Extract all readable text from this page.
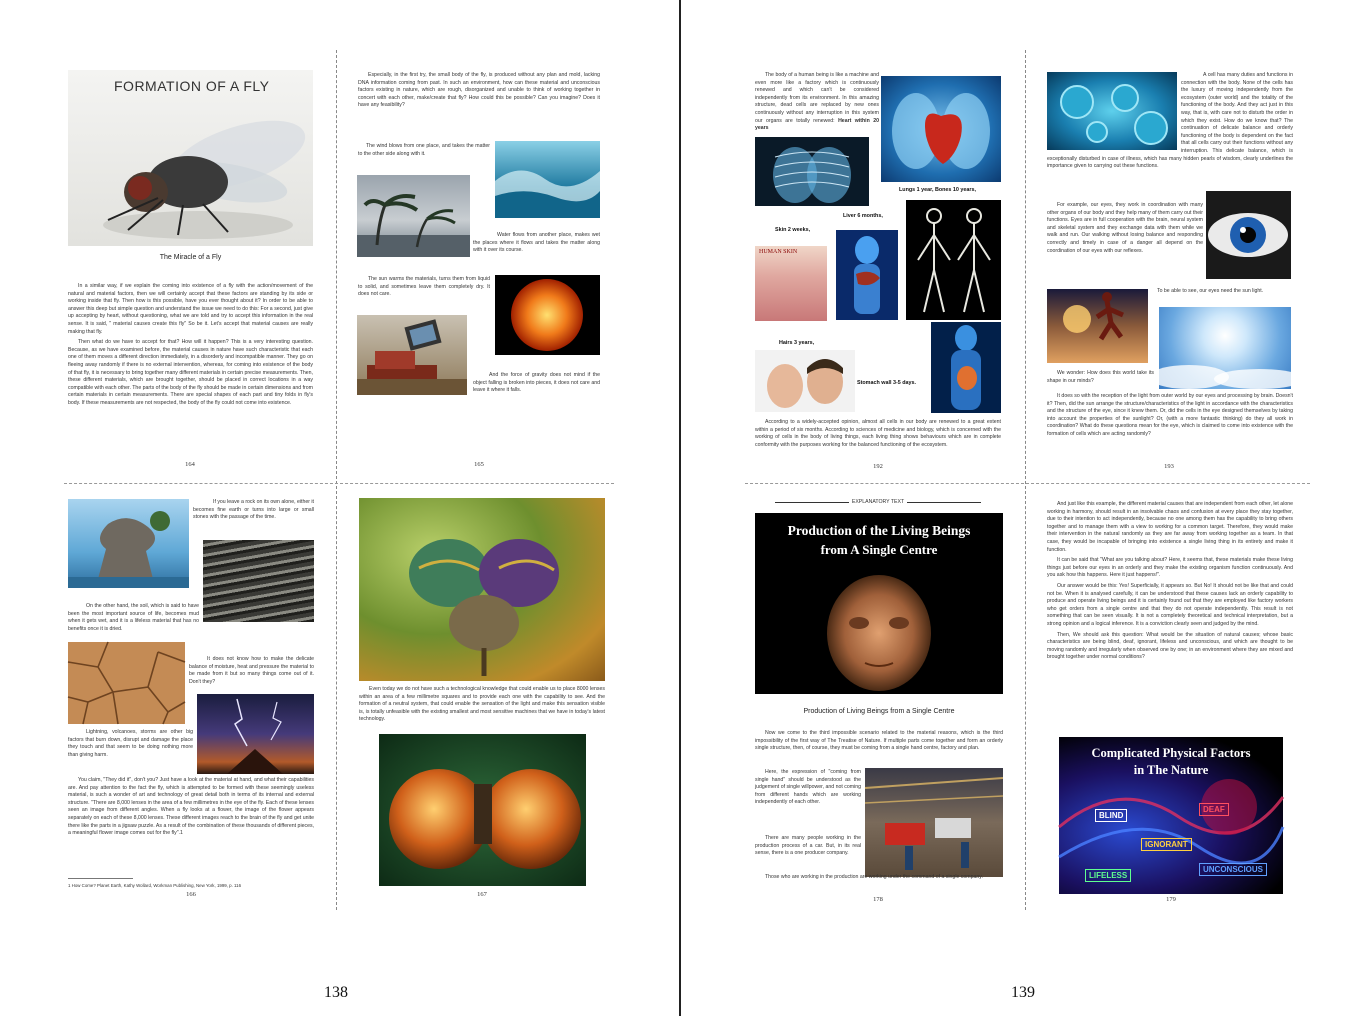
FORMATION OF A FLY
The Miracle of a Fly

In a similar way, if we explain the coming into existence of a fly with the action/movement of the natural and material factors, then we will certainly accept that these factors are standing by its side or working inside that fly. Then how is this possible, have you ever thought about it? In order to be able to answer this deep but simple question and understand the issue we need to do this: For a second, just give up accepting by heart, without questioning, what we are told and try to accept this information in the real sense. It is said, " material causes create this fly" So be it. Let's accept that material causes are really making that fly.

Then what do we have to accept for that? How will it happen? This is a very interesting question. Because, as we have examined before, the material causes in nature have such characteristic that each one of them moves a different direction immediately, in a disorderly and incompatible manner. They go on fleeing away randomly if there is no external intervention, whereas, for coming into existence of the body of that fly, it is necessary to bring together many different materials in certain precise measurements. Then, these different materials, which are brought together, should be placed in correct locations in a way compatible with each other. The parts of the body of the fly should be made in certain dimensions and from certain materials in certain measurements. There are special shapes of each part and tiny folds in fly's body. If these measurements are not respected, the body of the fly could not come into existence.

164

Especially, in the first try, the small body of the fly, is produced without any plan and mold, lacking DNA information coming from past. In such an environment, how can these material and unconscious factors existing in nature, which are rough, disorganized and unable to think of working together in concert with each other, make/create that fly? How could this be possible? Can you imagine? Does it have any feasibility?

The wind blows from one place, and takes the matter to the other side along with it.

Water flows from another place, makes wet the places where it flows and takes the matter along with it over its course.

The sun warms the materials, turns them from liquid to solid, and sometimes leave them completely dry. It does not care.

And the force of gravity does not mind if the object falling is broken into pieces, it does not care and leave it where it falls.

165

If you leave a rock on its own alone, either it becomes fine earth or turns into large or small stones with the passage of the time.

On the other hand, the soil, which is said to have been the most important source of life, becomes mud when it gets wet, and it is a lifeless material that has no benefits once it is dried.

It does not know how to make the delicate balance of moisture, heat and pressure the material to be made from it but so many things come out of it. Don't they?

Lightning, volcanoes, storms are other big factors that burn down, disrupt and damage the place they touch and that seem to be doing nothing more than giving harm.

You claim, "They did it", don't you? Just have a look at the material at hand, and what their capabilities are. And pay attention to the fact the fly, which is attempted to be formed with these seemingly useless material, is such a wonder of art and technology of great detail both in terms of its internal and external structure. "There are 8,000 lenses in the area of a few millimetres in the eye of the fly. Each of these lenses seen an image from different angles. When a fly looks at a flower, the image of the flower appears separately on each of these 8,000 lenses. These different images reach to the brain of the fly and get unite there like the parts in a jigsaw puzzle. As a result of the combination of these thousands of different pieces, a meaningful flower image comes out for the fly".1

1 How Come? Planet Earth, Kathy Wollard, Workman Publishing, New York, 1999, p. 116
166

Even today we do not have such a technological knowledge that could enable us to place 8000 lenses within an area of a few millimetre squares and to provide each one with the capability to see. And the formation of a neutral system, that could enable the sensation of the light and make this sensation visible is, is totally unfeasible with the existing smallest and most sensitive machines that we have in today's latest technology.

167
138

The body of a human being is like a machine and even more like a factory which is continuously renewed and which can't be considered independently from its environment. In this amazing structure, dead cells are replaced by new ones continuously without any interruption in this system our organs are totally renewed: Heart within 20 years

Lungs 1 year, Bones 10 years,
Liver 6 months,
Skin 2 weeks,
HUMAN SKIN
Hairs 3 years,
Stomach wall 3-5 days.

According to a widely-accepted opinion, almost all cells in our body are renewed to a great extent within a period of six months. According to sciences of medicine and biology, which is concerned with the working of cells in the body of living things, each living thing shows behaviours which are in complete conformity with the purposes working for the balanced functioning of the ecosystem.

192

A cell has many duties and functions in connection with the body. None of the cells has the luxury of moving independently from the ecosystem (outer world) and the totality of the functioning of the body. And they act just in this way, that is, with care not to disturb the order in which they exist. How do we know that? The continuation of delicate balance and orderly functioning of the body is dependent on the fact that all cells carry out their functions without any interruption. This delicate balance, which is exceptionally disturbed in case of illness, which has many hidden pearls of wisdom, clearly underlines the importance given to carrying out these functions.

For example, our eyes, they work in coordination with many other organs of our body and they help many of them carry out their functions. Eyes are in full cooperation with the brain, neural system and skeletal system and they exchange data with them while we walk and run. Our walking without losing balance and responding correctly and timely in case of a danger all depend on the coordination of our eyes with our reflexes.

To be able to see, our eyes need the sun light.

We wonder: How does this world take its shape in our minds?

It does so with the reception of the light from outer world by our eyes and processing by brain. Doesn't it? Then, did the sun arrange the structure/characteristics of the light in accordance with the characteristics and the structure of the eye, since it knew them. Or, did the cells in the eye designed themselves by taking into account the properties of the sunlight? Or, (with a more fantastic thinking) do they all work in coordination? What do these questions mean for the eye, which is claimed to come into existence with the formation of cells which are acting randomly?

193
EXPLANATORY TEXT
Production of the Living Beings
from A Single Centre
Production of Living Beings from a Single Centre

Now we come to the third impossible scenario related to the material reasons, which is the third impossibility of the first way of The Treatise of Nature. If multiple parts come together and form an orderly single structure, then, of course, they must be coming from a single hand centre, factory and plan.

Here, the expression of "coming from single hand" should be understood as the judgement of single willpower, and not coming from different hands which are working independently of each other.

There are many people working in the production process of a car. But, in its real sense, there is a one producer company.

Those who are working in the production are working under the command of a single company.

178

And just like this example, the different material causes that are independent from each other, let alone working in harmony, should result in an insolvable chaos and confusion at every place they stay together, due to their intention to act independently, because no one among them has the capability to bring others together and to manage them with a view to working for a common target. Therefore, they would make their intervention in the natural randomly as they are far away from working together as a team. In that case, they would be incapable of bringing into existence a single living thing in its entirety and make it function.

It can be said that "What are you talking about? Here, it seems that, these materials make these living things just before our eyes in an orderly and they make the existing organism function continuously. And you ask how this happens. Here it just happens!".

Our answer would be this: Yes! Superficially, it appears so. But No! It should not be like that and could not be. When it is analysed carefully, it can be understood that these causes lack an orderly capability to produce and operate living beings and it is certainly found out that they are employed like factory workers who get orders from a single centre and that they do not operate independently. This result is not something that can be seen visually. It is not a completely theoretical and technical interpretation, but a strong opinion and a logical inference. It is a conviction clearly seen and judged by the mind.

Then, We should ask this question: What would be the situation of natural causes; whose basic characteristics are being blind, deaf, ignorant, lifeless and unconscious, and which are thought to be moving randomly and irregularly when observed one by one; in an environment where they are mixed and brought together under normal conditions?

Complicated Physical Factors
in The Nature
BLIND
DEAF
IGNORANT
UNCONSCIOUS
LIFELESS
179
139
